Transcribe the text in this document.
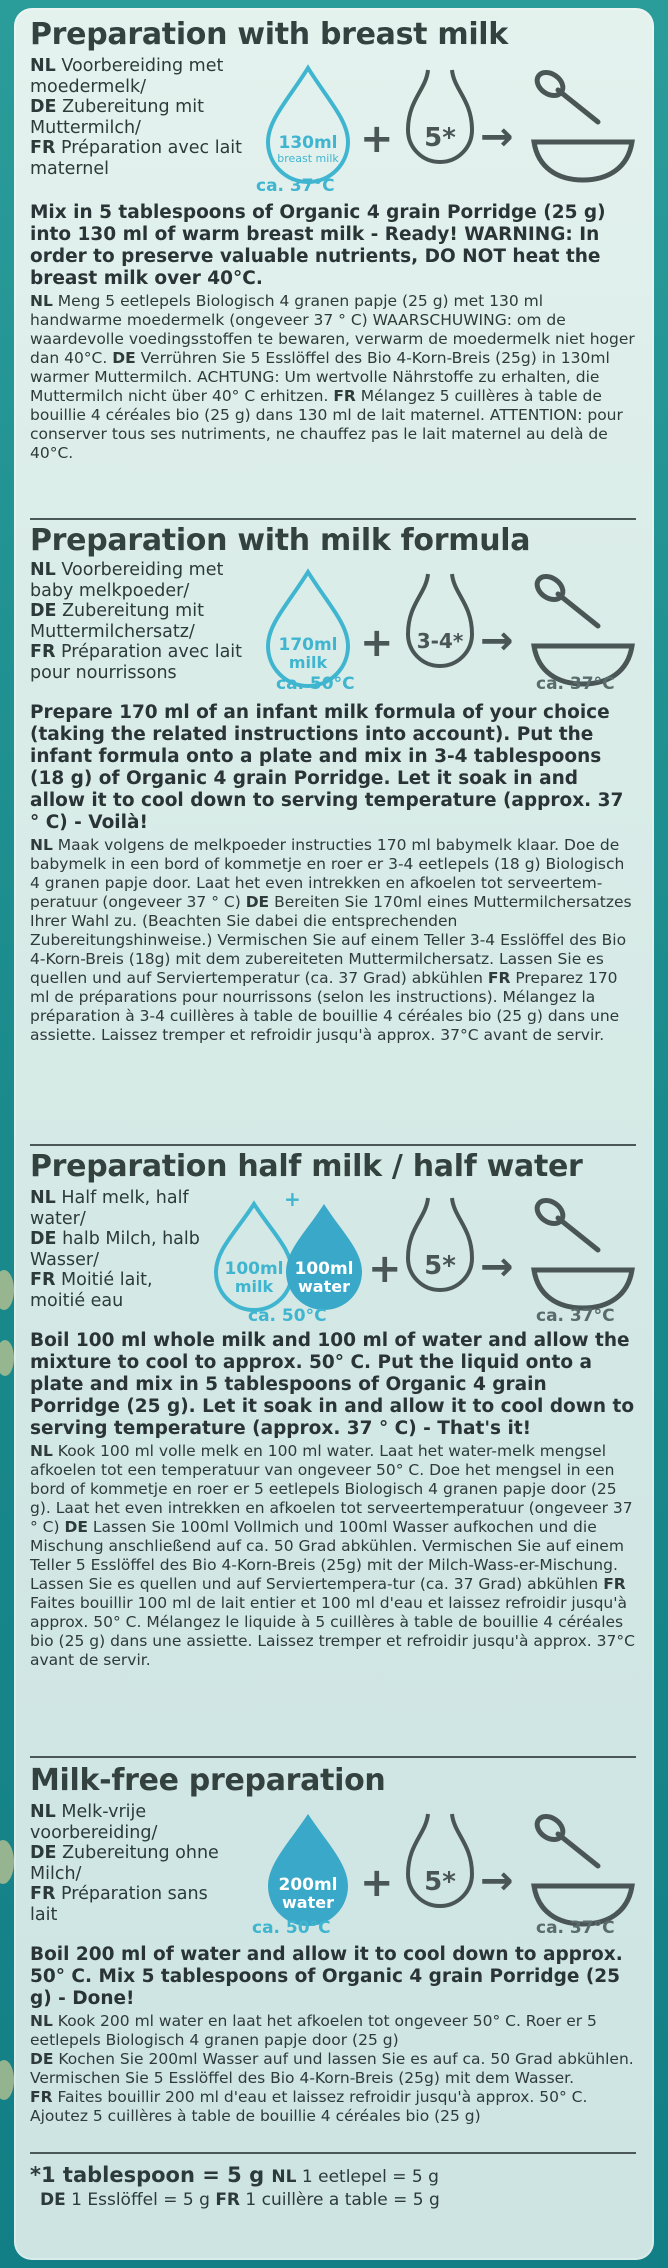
Preparation with breast milk
NL Voorbereiding met moedermelk/
DE Zubereitung mit Muttermilch/
FR Préparation avec lait maternel
130ml
breast milk + 5* →
ca. 37°C

Mix in 5 tablespoons of Organic 4 grain Porridge (25 g) into 130 ml of warm breast milk - Ready! WARNING: In order to preserve valuable nutrients, DO NOT heat the breast milk over 40°C.

NL Meng 5 eetlepels Biologisch 4 granen papje (25 g) met 130 ml handwarme moedermelk (ongeveer 37 ° C) WAARSCHUWING: om de waardevolle voedingsstoffen te bewaren, verwarm de moedermelk niet hoger dan 40°C. DE Verrühren Sie 5 Esslöffel des Bio 4-Korn-Breis (25g) in 130ml warmer Muttermilch. ACHTUNG: Um wertvolle Nährstoffe zu erhalten, die Muttermilch nicht über 40° C erhitzen. FR Mélangez 5 cuillères à table de bouillie 4 céréales bio (25 g) dans 130 ml de lait maternel. ATTENTION: pour conserver tous ses nutriments, ne chauffez pas le lait maternel au delà de 40°C.

Preparation with milk formula
NL Voorbereiding met baby melkpoeder/
DE Zubereitung mit Muttermilchersatz/
FR Préparation avec lait pour nourrissons
170ml
milk + 3-4* →
ca. 50°C	ca. 37°C

Prepare 170 ml of an infant milk formula of your choice (taking the related instructions into account). Put the infant formula onto a plate and mix in 3-4 tablespoons (18 g) of Organic 4 grain Porridge. Let it soak in and allow it to cool down to serving temperature (approx. 37 ° C) - Voilà!

NL Maak volgens de melkpoeder instructies 170 ml babymelk klaar. Doe de babymelk in een bord of kommetje en roer er 3-4 eetlepels (18 g) Biologisch 4 granen papje door. Laat het even intrekken en afkoelen tot serveertem-peratuur (ongeveer 37 ° C) DE Bereiten Sie 170ml eines Muttermilchersatzes Ihrer Wahl zu. (Beachten Sie dabei die entsprechenden Zubereitungshinweise.) Vermischen Sie auf einem Teller 3-4 Esslöffel des Bio 4-Korn-Breis (18g) mit dem zubereiteten Muttermilchersatz. Lassen Sie es quellen und auf Serviertemperatur (ca. 37 Grad) abkühlen FR Preparez 170 ml de préparations pour nourrissons (selon les instructions). Mélangez la préparation à 3-4 cuillères à table de bouillie 4 céréales bio (25 g) dans une assiette. Laissez tremper et refroidir jusqu'à approx. 37°C avant de servir.

Preparation half milk / half water
NL Half melk, half water/
DE halb Milch, halb Wasser/
FR Moitié lait, moitié eau
100ml
milk
+
100ml
water + 5* →
ca. 50°C	ca. 37°C

Boil 100 ml whole milk and 100 ml of water and allow the mixture to cool to approx. 50° C. Put the liquid onto a plate and mix in 5 tablespoons of Organic 4 grain Porridge (25 g). Let it soak in and allow it to cool down to serving temperature (approx. 37 ° C) - That's it!

NL Kook 100 ml volle melk en 100 ml water. Laat het water-melk mengsel afkoelen tot een temperatuur van ongeveer 50° C. Doe het mengsel in een bord of kommetje en roer er 5 eetlepels Biologisch 4 granen papje door (25 g). Laat het even intrekken en afkoelen tot serveertemperatuur (ongeveer 37 ° C) DE Lassen Sie 100ml Vollmich und 100ml Wasser aufkochen und die Mischung anschließend auf ca. 50 Grad abkühlen. Vermischen Sie auf einem Teller 5 Esslöffel des Bio 4-Korn-Breis (25g) mit der Milch-Wass-er-Mischung. Lassen Sie es quellen und auf Serviertempera-tur (ca. 37 Grad) abkühlen FR Faites bouillir 100 ml de lait entier et 100 ml d'eau et laissez refroidir jusqu'à approx. 50° C. Mélangez le liquide à 5 cuillères à table de bouillie 4 céréales bio (25 g) dans une assiette. Laissez tremper et refroidir jusqu'à approx. 37°C avant de servir.

Milk-free preparation
NL Melk-vrije voorbereiding/
DE Zubereitung ohne Milch/
FR Préparation sans lait
200ml
water + 5* →
ca. 50°C	ca. 37°C

Boil 200 ml of water and allow it to cool down to approx. 50° C. Mix 5 tablespoons of Organic 4 grain Porridge (25 g) - Done!

NL Kook 200 ml water en laat het afkoelen tot ongeveer 50° C. Roer er 5 eetlepels Biologisch 4 granen papje door (25 g)
DE Kochen Sie 200ml Wasser auf und lassen Sie es auf ca. 50 Grad abkühlen. Vermischen Sie 5 Esslöffel des Bio 4-Korn-Breis (25g) mit dem Wasser.
FR Faites bouillir 200 ml d'eau et laissez refroidir jusqu'à approx. 50° C. Ajoutez 5 cuillères à table de bouillie 4 céréales bio (25 g)

*1 tablespoon = 5 g NL 1 eetlepel = 5 g
DE 1 Esslöffel = 5 g FR 1 cuillère a table = 5 g
